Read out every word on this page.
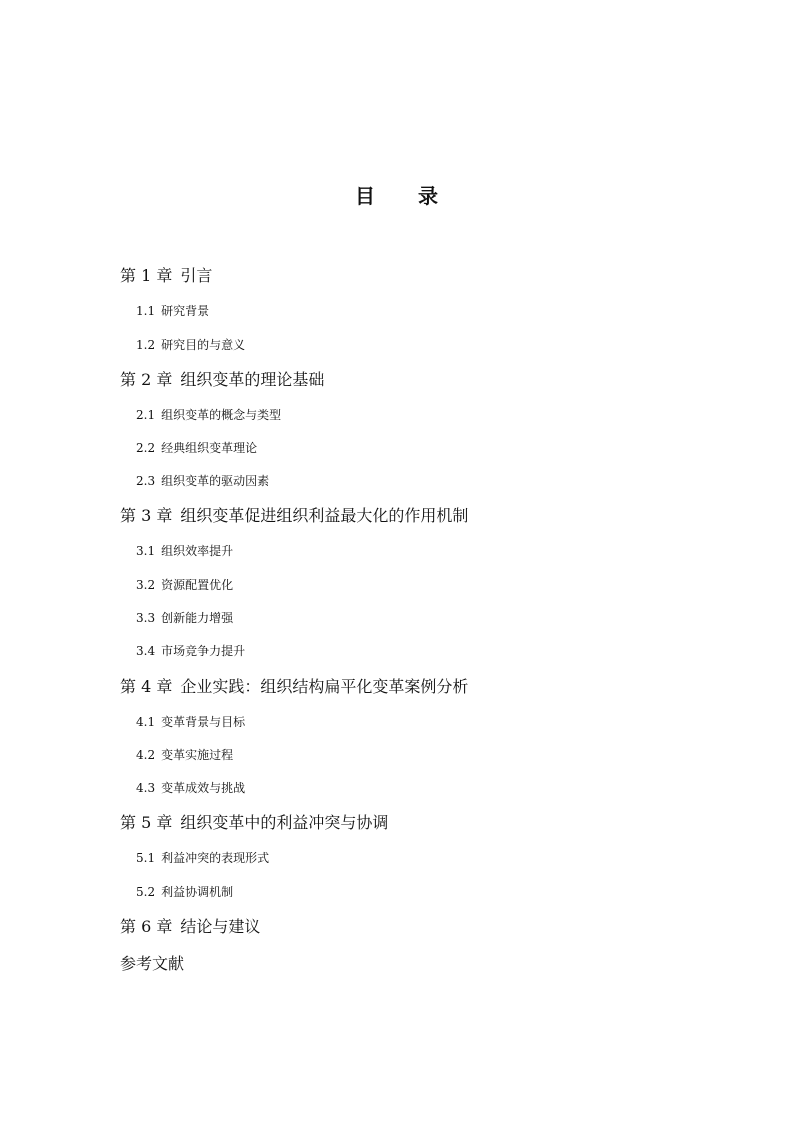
目 录
第 1 章 引言
1.1 研究背景
1.2 研究目的与意义
第 2 章 组织变革的理论基础
2.1 组织变革的概念与类型
2.2 经典组织变革理论
2.3 组织变革的驱动因素
第 3 章 组织变革促进组织利益最大化的作用机制
3.1 组织效率提升
3.2 资源配置优化
3.3 创新能力增强
3.4 市场竞争力提升
第 4 章 企业实践：组织结构扁平化变革案例分析
4.1 变革背景与目标
4.2 变革实施过程
4.3 变革成效与挑战
第 5 章 组织变革中的利益冲突与协调
5.1 利益冲突的表现形式
5.2 利益协调机制
第 6 章 结论与建议
参考文献
